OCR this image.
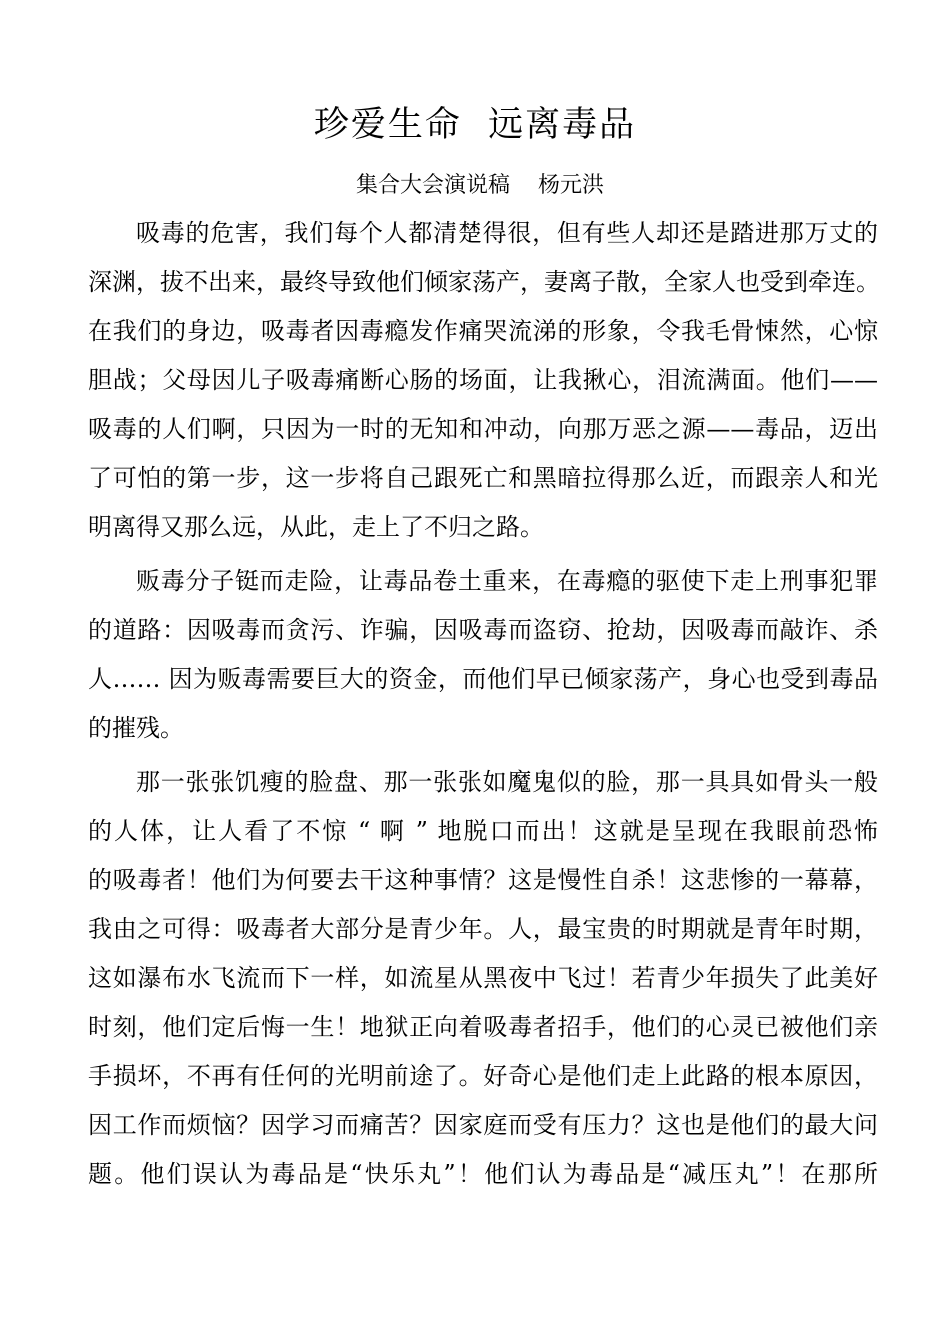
珍爱生命  远离毒品
集合大会演说稿    杨元洪
吸毒的危害，我们每个人都清楚得很，但有些人却还是踏进那万丈的
深渊，拔不出来，最终导致他们倾家荡产，妻离子散，全家人也受到牵连。
在我们的身边，吸毒者因毒瘾发作痛哭流涕的形象，令我毛骨悚然，心惊
胆战；父母因儿子吸毒痛断心肠的场面，让我揪心，泪流满面。他们——
吸毒的人们啊，只因为一时的无知和冲动，向那万恶之源——毒品，迈出
了可怕的第一步，这一步将自己跟死亡和黑暗拉得那么近，而跟亲人和光
明离得又那么远，从此，走上了不归之路。
贩毒分子铤而走险，让毒品卷土重来，在毒瘾的驱使下走上刑事犯罪
的道路：因吸毒而贪污、诈骗，因吸毒而盗窃、抢劫，因吸毒而敲诈、杀
人…… 因为贩毒需要巨大的资金，而他们早已倾家荡产，身心也受到毒品
的摧残。
那一张张饥瘦的脸盘、那一张张如魔鬼似的脸，那一具具如骨头一般
的人体，让人看了不惊 “ 啊 ” 地脱口而出！这就是呈现在我眼前恐怖
的吸毒者！他们为何要去干这种事情？这是慢性自杀！这悲惨的一幕幕，
我由之可得：吸毒者大部分是青少年。人，最宝贵的时期就是青年时期，
这如瀑布水飞流而下一样，如流星从黑夜中飞过！若青少年损失了此美好
时刻，他们定后悔一生！地狱正向着吸毒者招手，他们的心灵已被他们亲
手损坏，不再有任何的光明前途了。好奇心是他们走上此路的根本原因，
因工作而烦恼？因学习而痛苦？因家庭而受有压力？这也是他们的最大问
题。他们误认为毒品是“快乐丸”！他们认为毒品是“减压丸”！在那所
